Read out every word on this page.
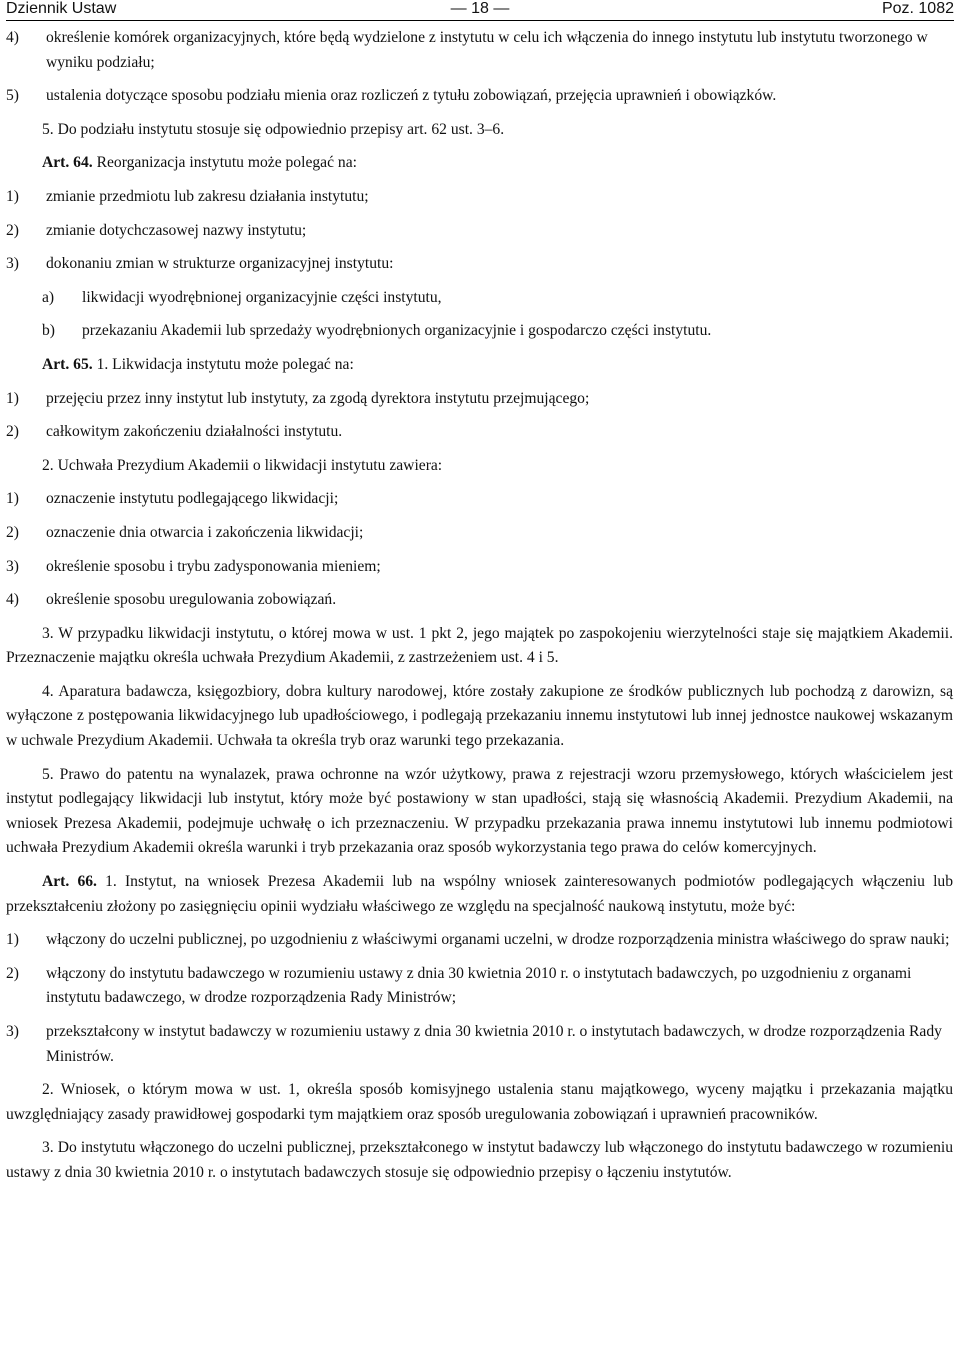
Dziennik Ustaw	— 18 —	Poz. 1082
4) określenie komórek organizacyjnych, które będą wydzielone z instytutu w celu ich włączenia do innego instytutu lub instytutu tworzonego w wyniku podziału;
5) ustalenia dotyczące sposobu podziału mienia oraz rozliczeń z tytułu zobowiązań, przejęcia uprawnień i obowiązków.
5. Do podziału instytutu stosuje się odpowiednio przepisy art. 62 ust. 3–6.
Art. 64. Reorganizacja instytutu może polegać na:
1) zmianie przedmiotu lub zakresu działania instytutu;
2) zmianie dotychczasowej nazwy instytutu;
3) dokonaniu zmian w strukturze organizacyjnej instytutu:
a) likwidacji wyodrębnionej organizacyjnie części instytutu,
b) przekazaniu Akademii lub sprzedaży wyodrębnionych organizacyjnie i gospodarczo części instytutu.
Art. 65. 1. Likwidacja instytutu może polegać na:
1) przejęciu przez inny instytut lub instytuty, za zgodą dyrektora instytutu przejmującego;
2) całkowitym zakończeniu działalności instytutu.
2. Uchwała Prezydium Akademii o likwidacji instytutu zawiera:
1) oznaczenie instytutu podlegającego likwidacji;
2) oznaczenie dnia otwarcia i zakończenia likwidacji;
3) określenie sposobu i trybu zadysponowania mieniem;
4) określenie sposobu uregulowania zobowiązań.
3. W przypadku likwidacji instytutu, o której mowa w ust. 1 pkt 2, jego majątek po zaspokojeniu wierzytelności staje się majątkiem Akademii. Przeznaczenie majątku określa uchwała Prezydium Akademii, z zastrzeżeniem ust. 4 i 5.
4. Aparatura badawcza, księgozbiory, dobra kultury narodowej, które zostały zakupione ze środków publicznych lub pochodzą z darowizn, są wyłączone z postępowania likwidacyjnego lub upadłościowego, i podlegają przekazaniu innemu instytutowi lub innej jednostce naukowej wskazanym w uchwale Prezydium Akademii. Uchwała ta określa tryb oraz warunki tego przekazania.
5. Prawo do patentu na wynalazek, prawa ochronne na wzór użytkowy, prawa z rejestracji wzoru przemysłowego, których właścicielem jest instytut podlegający likwidacji lub instytut, który może być postawiony w stan upadłości, stają się własnością Akademii. Prezydium Akademii, na wniosek Prezesa Akademii, podejmuje uchwałę o ich przeznaczeniu. W przypadku przekazania prawa innemu instytutowi lub innemu podmiotowi uchwała Prezydium Akademii określa warunki i tryb przekazania oraz sposób wykorzystania tego prawa do celów komercyjnych.
Art. 66. 1. Instytut, na wniosek Prezesa Akademii lub na wspólny wniosek zainteresowanych podmiotów podlegających włączeniu lub przekształceniu złożony po zasięgnięciu opinii wydziału właściwego ze względu na specjalność naukową instytutu, może być:
1) włączony do uczelni publicznej, po uzgodnieniu z właściwymi organami uczelni, w drodze rozporządzenia ministra właściwego do spraw nauki;
2) włączony do instytutu badawczego w rozumieniu ustawy z dnia 30 kwietnia 2010 r. o instytutach badawczych, po uzgodnieniu z organami instytutu badawczego, w drodze rozporządzenia Rady Ministrów;
3) przekształcony w instytut badawczy w rozumieniu ustawy z dnia 30 kwietnia 2010 r. o instytutach badawczych, w drodze rozporządzenia Rady Ministrów.
2. Wniosek, o którym mowa w ust. 1, określa sposób komisyjnego ustalenia stanu majątkowego, wyceny majątku i przekazania majątku uwzględniający zasady prawidłowej gospodarki tym majątkiem oraz sposób uregulowania zobowiązań i uprawnień pracowników.
3. Do instytutu włączonego do uczelni publicznej, przekształconego w instytut badawczy lub włączonego do instytutu badawczego w rozumieniu ustawy z dnia 30 kwietnia 2010 r. o instytutach badawczych stosuje się odpowiednio przepisy o łączeniu instytutów.
